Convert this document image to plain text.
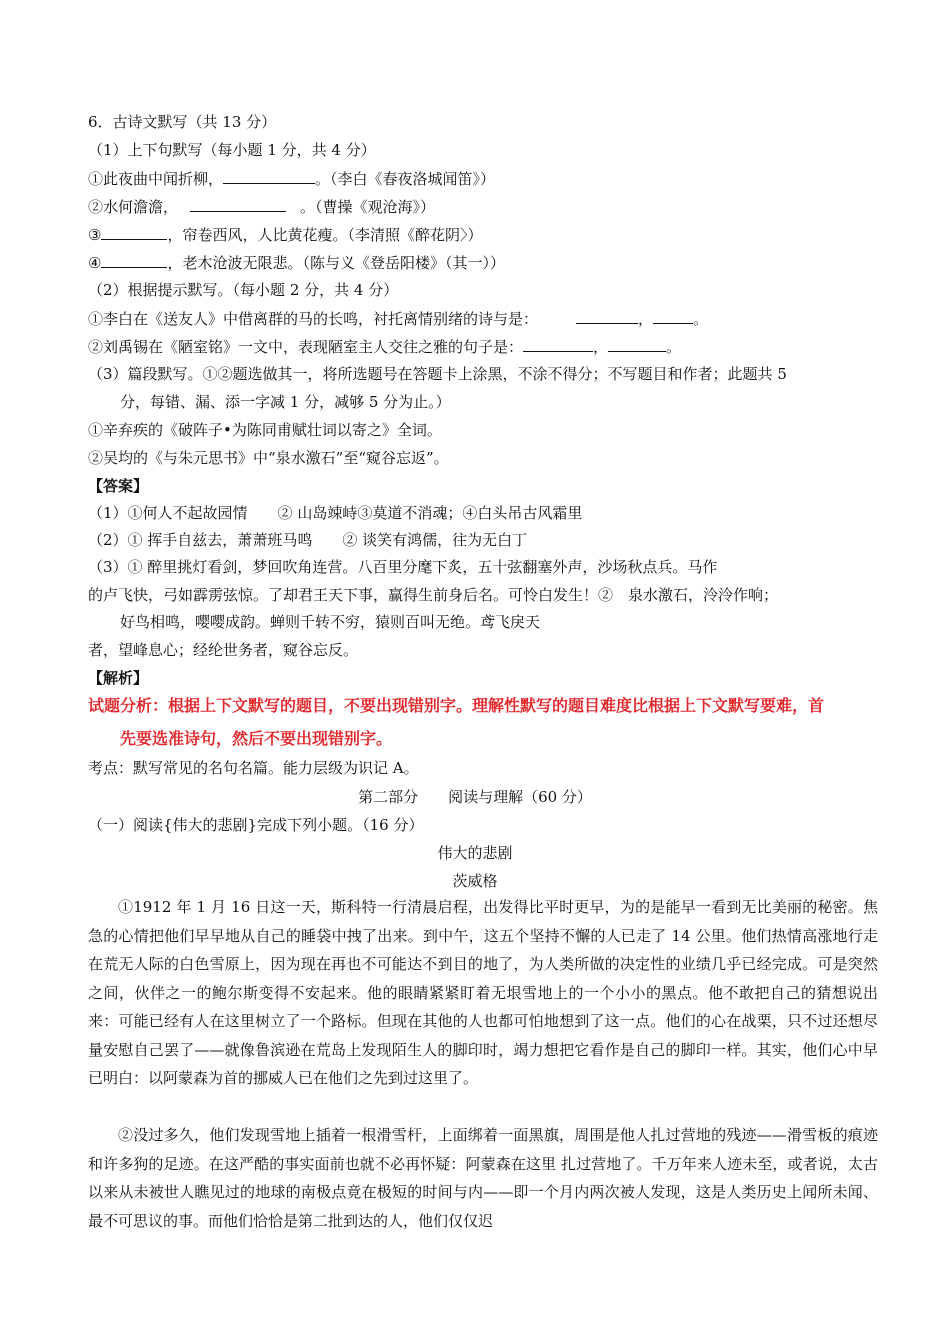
6．古诗文默写（共 13 分）
（1）上下句默写（每小题 1 分，共 4 分）
①此夜曲中闻折柳，	。（李白《春夜洛城闻笛》）
②水何澹澹，	。（曹操《观沧海》）
③	，帘卷西风，人比黄花瘦。（李清照《醉花阴〉）
④	，老木沧波无限悲。（陈与义《登岳阳楼》（其一））
（2）根据提示默写。（每小题 2 分，共 4 分）
①李白在《送友人》中借离群的马的长鸣，衬托离情别绪的诗与是：	，	。
②刘禹锡在《陋室铭》一文中，表现陋室主人交往之雅的句子是：	，	。
（3）篇段默写。①②题选做其一，将所选题号在答题卡上涂黑，不涂不得分；不写题目和作者；此题共 5
分，每错、漏、添一字减 1 分，减够 5 分为止。）
①辛弃疾的《破阵子•为陈同甫赋壮词以寄之》全词。
②吴均的《与朱元思书》中“泉水激石”至“窥谷忘返”。
【答案】
（1）①何人不起故园情　　② 山岛竦峙③莫道不消魂；④白头吊古风霜里
（2）① 挥手自兹去，萧萧班马鸣　　② 谈笑有鸿儒，往为无白丁
（3）① 醉里挑灯看剑，梦回吹角连营。八百里分麾下炙，五十弦翻塞外声，沙场秋点兵。马作
的卢飞快，弓如霹雳弦惊。了却君王天下事，赢得生前身后名。可怜白发生！②　泉水激石，泠泠作响；
好鸟相鸣，嘤嘤成韵。蝉则千转不穷，猿则百叫无绝。鸢飞戾天
者，望峰息心；经纶世务者，窥谷忘反。
【解析】
试题分析：根据上下文默写的题目，不要出现错别字。理解性默写的题目难度比根据上下文默写要难，首
先要选准诗句，然后不要出现错别字。
考点：默写常见的名句名篇。能力层级为识记 A。
第二部分　　阅读与理解（60 分）
（一）阅读{伟大的悲剧}完成下列小题。（16 分）
伟大的悲剧
茨威格
①1912 年 1 月 16 日这一天，斯科特一行清晨启程，出发得比平时更早，为的是能早一看到无比美丽的秘密。焦急的心情把他们早早地从自己的睡袋中拽了出来。到中午，这五个坚持不懈的人已走了 14 公里。他们热情高涨地行走在荒无人际的白色雪原上，因为现在再也不可能达不到目的地了，为人类所做的决定性的业绩几乎已经完成。可是突然之间，伙伴之一的鲍尔斯变得不安起来。他的眼睛紧紧盯着无垠雪地上的一个小小的黑点。他不敢把自己的猜想说出来：可能已经有人在这里树立了一个路标。但现在其他的人也都可怕地想到了这一点。他们的心在战栗，只不过还想尽量安慰自己罢了——就像鲁滨逊在荒岛上发现陌生人的脚印时，竭力想把它看作是自己的脚印一样。其实，他们心中早已明白：以阿蒙森为首的挪威人已在他们之先到过这里了。
②没过多久，他们发现雪地上插着一根滑雪杆，上面绑着一面黑旗，周围是他人扎过营地的残迹——滑雪板的痕迹和许多狗的足迹。在这严酷的事实面前也就不必再怀疑：阿蒙森在这里 扎过营地了。千万年来人迹未至，或者说，太古以来从未被世人瞧见过的地球的南极点竟在极短的时间与内——即一个月内两次被人发现，这是人类历史上闻所未闻、最不可思议的事。而他们恰恰是第二批到达的人，他们仅仅迟
